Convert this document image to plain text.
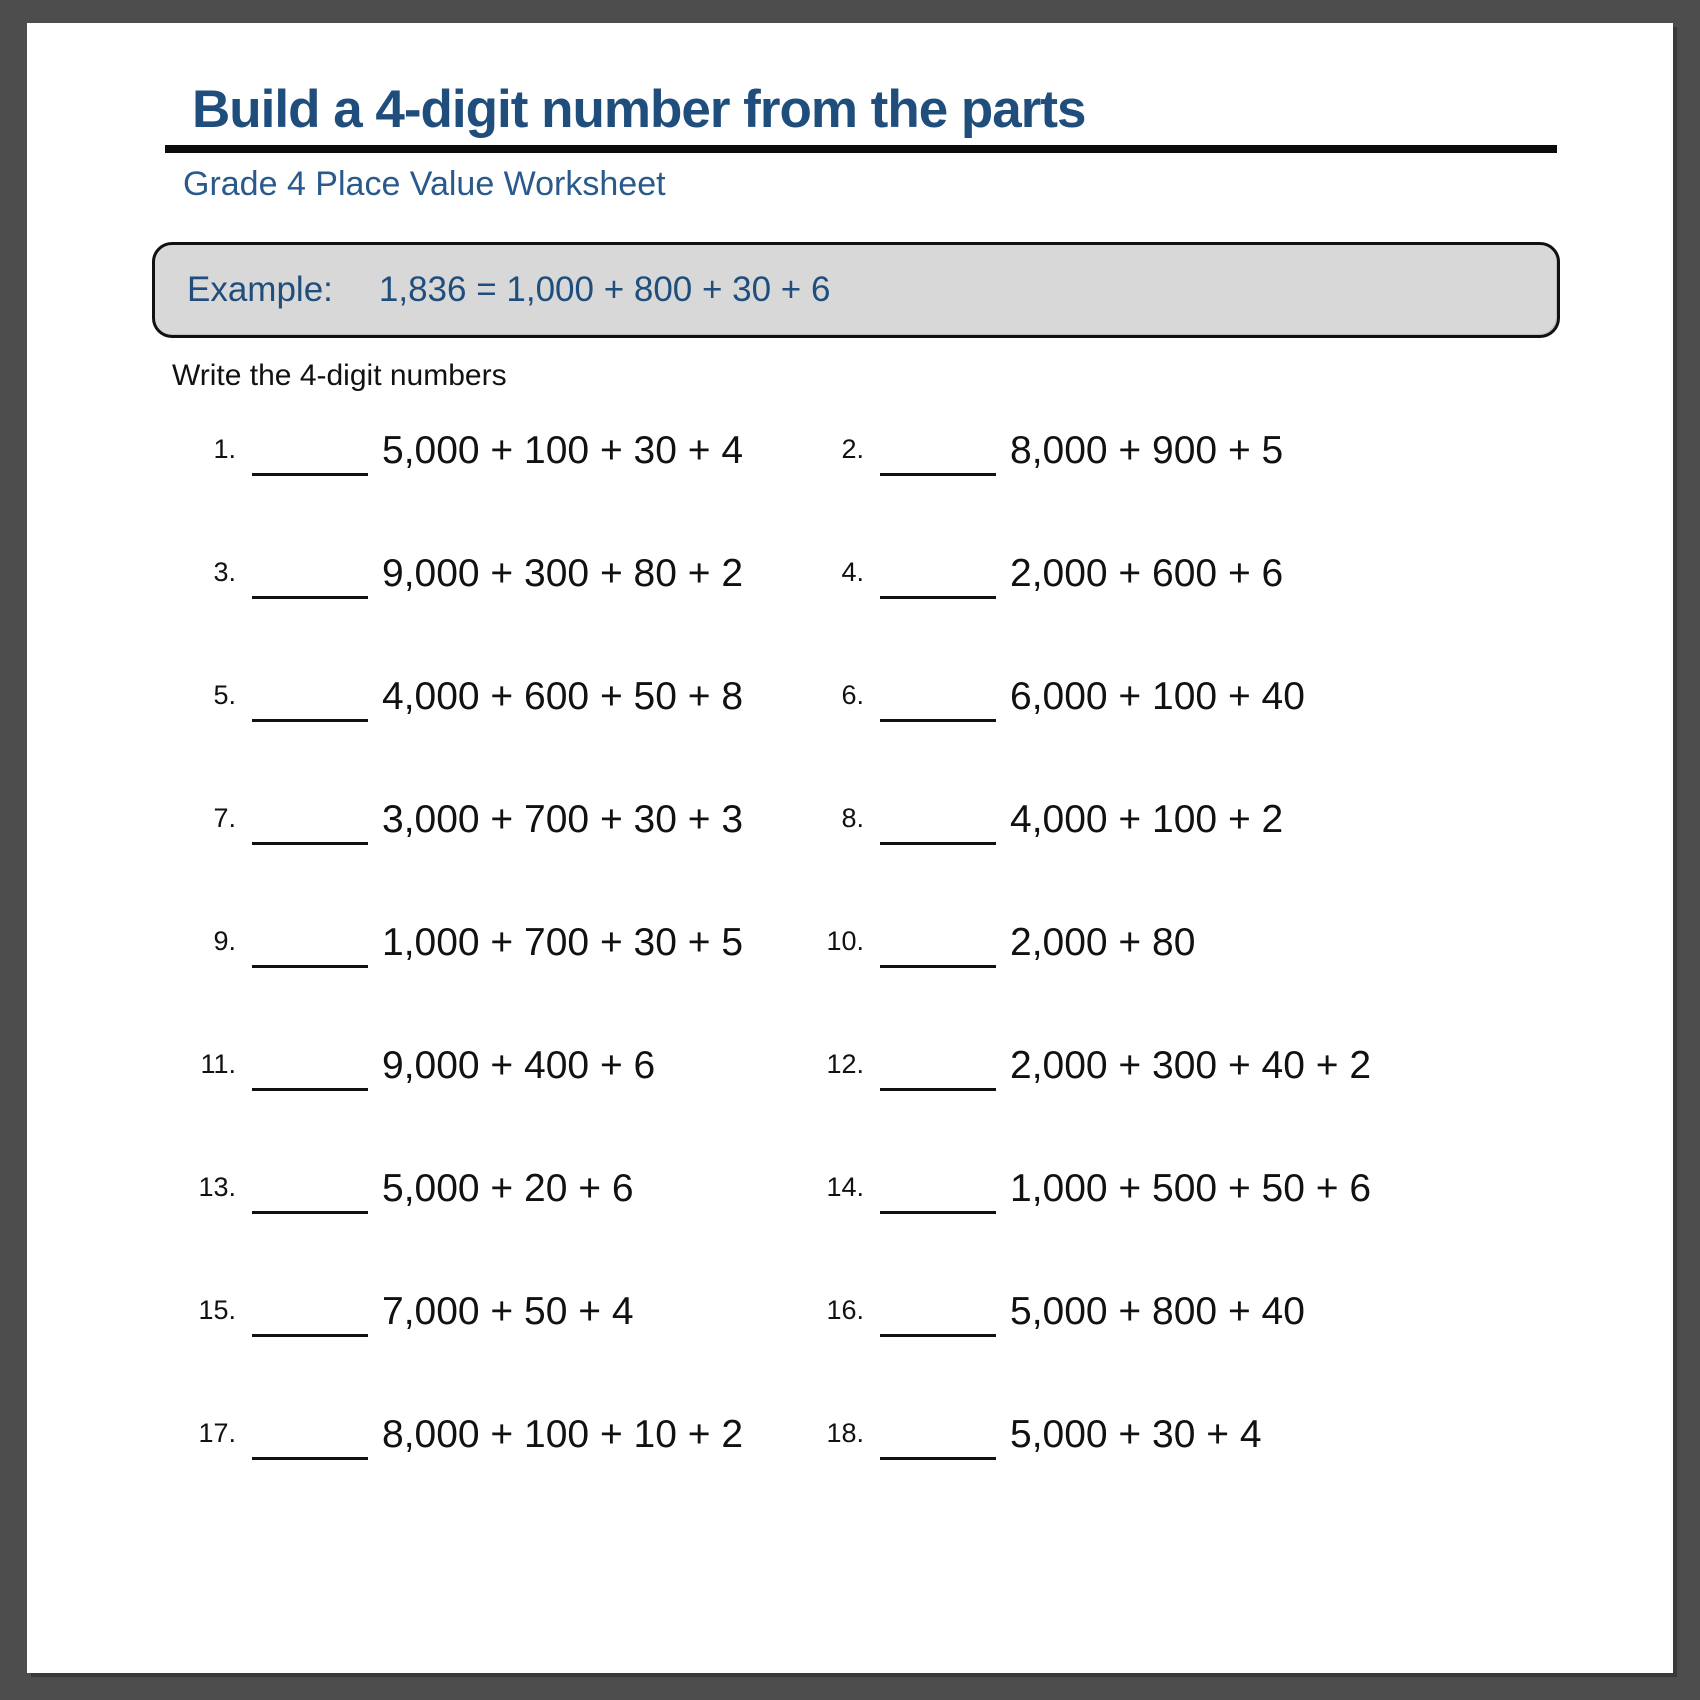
Build a 4-digit number from the parts
Grade 4 Place Value Worksheet
Example: 1,836 = 1,000 + 800 + 30 + 6
Write the 4-digit numbers
1.	5,000 + 100 + 30 + 4	2.	8,000 + 900 + 5
3.	9,000 + 300 + 80 + 2	4.	2,000 + 600 + 6
5.	4,000 + 600 + 50 + 8	6.	6,000 + 100 + 40
7.	3,000 + 700 + 30 + 3	8.	4,000 + 100 + 2
9.	1,000 + 700 + 30 + 5	10.	2,000 + 80
11.	9,000 + 400 + 6	12.	2,000 + 300 + 40 + 2
13.	5,000 + 20 + 6	14.	1,000 + 500 + 50 + 6
15.	7,000 + 50 + 4	16.	5,000 + 800 + 40
17.	8,000 + 100 + 10 + 2	18.	5,000 + 30 + 4
